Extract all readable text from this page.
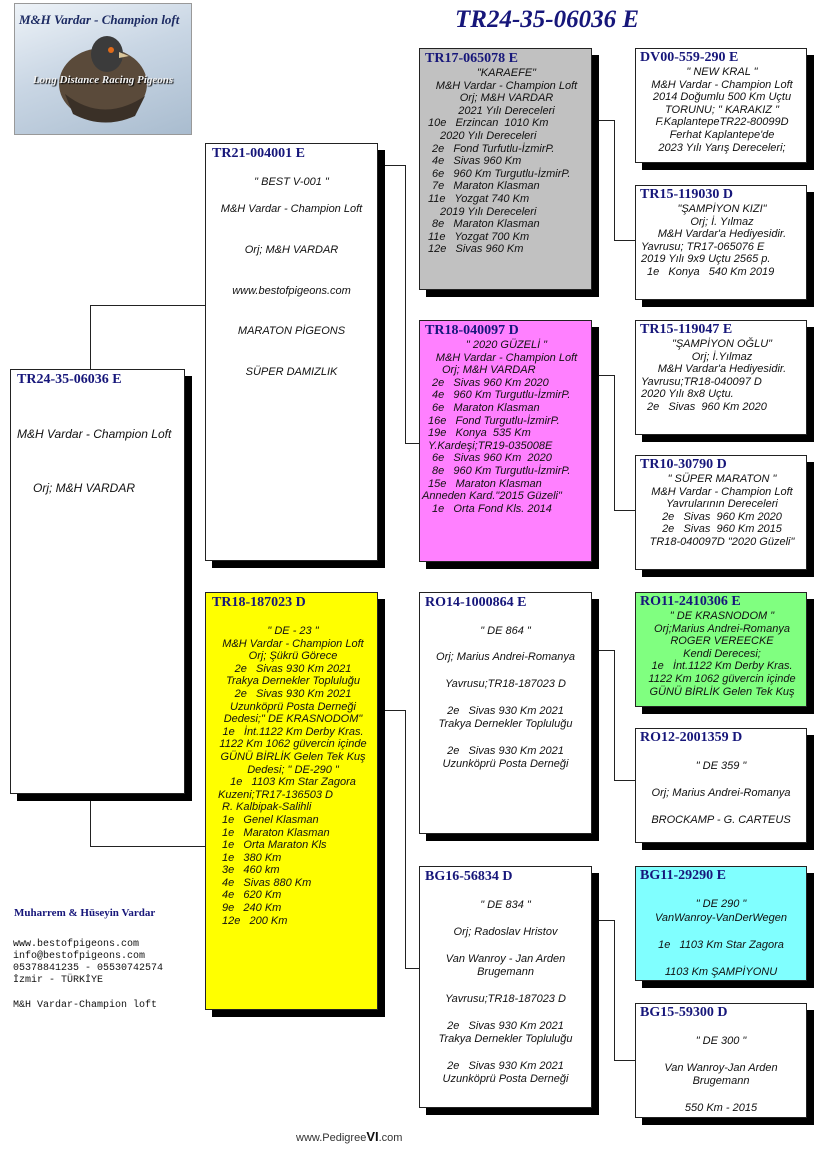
M&H Vardar - Champion loft
Long Distance Racing Pigeons
TR24-35-06036 E
TR24-35-06036 E
M&H Vardar - Champion Loft
Orj; M&H VARDAR
TR21-004001 E
" BEST V-001 "
M&H Vardar - Champion Loft
Orj; M&H VARDAR
www.bestofpigeons.com
MARATON PİGEONS
SÜPER DAMIZLIK
TR18-187023 D
" DE - 23 "
M&H Vardar - Champion Loft
Orj; Şükrü Görece
2e   Sivas 930 Km 2021
Trakya Dernekler Topluluğu
2e   Sivas 930 Km 2021
Uzunköprü Posta Derneği
Dedesi;" DE KRASNODOM"
1e   İnt.1122 Km Derby Kras.
1122 Km 1062 güvercin içinde
GÜNÜ BİRLİK Gelen Tek Kuş
Dedesi; " DE-290 "
1e   1103 Km Star Zagora
Kuzeni;TR17-136503 D
R. Kalbipak-Salihli
1e   Genel Klasman
1e   Maraton Klasman
1e   Orta Maraton Kls
1e   380 Km
3e   460 km
4e   Sivas 880 Km
4e   620 Km
9e   240 Km
12e   200 Km
TR17-065078 E
"KARAEFE"
M&H Vardar - Champion Loft
Orj; M&H VARDAR
2021 Yılı Dereceleri
10e   Erzincan  1010 Km
2020 Yılı Dereceleri
2e   Fond Turfutlu-İzmirP.
4e   Sivas 960 Km
6e   960 Km Turgutlu-İzmirP.
7e   Maraton Klasman
11e   Yozgat 740 Km
2019 Yılı Dereceleri
8e   Maraton Klasman
11e   Yozgat 700 Km
12e   Sivas 960 Km
TR18-040097 D
" 2020 GÜZELİ "
M&H Vardar - Champion Loft
Orj; M&H VARDAR
2e   Sivas 960 Km 2020
4e   960 Km Turgutlu-İzmirP.
6e   Maraton Klasman
16e   Fond Turgutlu-İzmirP.
19e   Konya  535 Km
Y.Kardeşi;TR19-035008E
6e   Sivas 960 Km  2020
8e   960 Km Turgutlu-İzmirP.
15e   Maraton Klasman
Anneden Kard."2015 Güzeli"
1e   Orta Fond Kls. 2014
RO14-1000864 E
" DE 864 "
Orj; Marius Andrei-Romanya
Yavrusu;TR18-187023 D
2e   Sivas 930 Km 2021
Trakya Dernekler Topluluğu
2e   Sivas 930 Km 2021
Uzunköprü Posta Derneği
BG16-56834 D
" DE 834 "
Orj; Radoslav Hristov
Van Wanroy - Jan Arden
Brugemann
Yavrusu;TR18-187023 D
2e   Sivas 930 Km 2021
Trakya Dernekler Topluluğu
2e   Sivas 930 Km 2021
Uzunköprü Posta Derneği
DV00-559-290 E
" NEW KRAL "
M&H Vardar - Champion Loft
2014 Doğumlu 500 Km Uçtu
TORUNU; " KARAKIZ "
F.KaplantepeTR22-80099D
Ferhat Kaplantepe'de
2023 Yılı Yarış Dereceleri;
TR15-119030 D
"ŞAMPİYON KIZI"
Orj; İ. Yılmaz
M&H Vardar'a Hediyesidir.
Yavrusu; TR17-065076 E
2019 Yılı 9x9 Uçtu 2565 p.
1e   Konya   540 Km 2019
TR15-119047 E
"ŞAMPİYON OĞLU"
Orj; İ.Yılmaz
M&H Vardar'a Hediyesidir.
Yavrusu;TR18-040097 D
2020 Yılı 8x8 Uçtu.
2e   Sivas  960 Km 2020
TR10-30790 D
" SÜPER MARATON "
M&H Vardar - Champion Loft
Yavrularının Dereceleri
2e   Sivas  960 Km 2020
2e   Sivas  960 Km 2015
TR18-040097D "2020 Güzeli"
RO11-2410306 E
" DE KRASNODOM "
Orj;Marius Andrei-Romanya
ROGER VEREECKE
Kendi Derecesi;
1e   İnt.1122 Km Derby Kras.
1122 Km 1062 güvercin içinde
GÜNÜ BİRLİK Gelen Tek Kuş
RO12-2001359 D
" DE 359 "
Orj; Marius Andrei-Romanya
BROCKAMP - G. CARTEUS
BG11-29290 E
" DE 290 "
VanWanroy-VanDerWegen
1e   1103 Km Star Zagora
1103 Km ŞAMPİYONU
BG15-59300 D
" DE 300 "
Van Wanroy-Jan Arden
Brugemann
550 Km - 2015
Muharrem & Hüseyin Vardar
www.bestofpigeons.com
info@bestofpigeons.com
05378841235 - 05530742574
İzmir - TÜRKİYE
M&H Vardar-Champion loft
www.PedigreeVI.com
